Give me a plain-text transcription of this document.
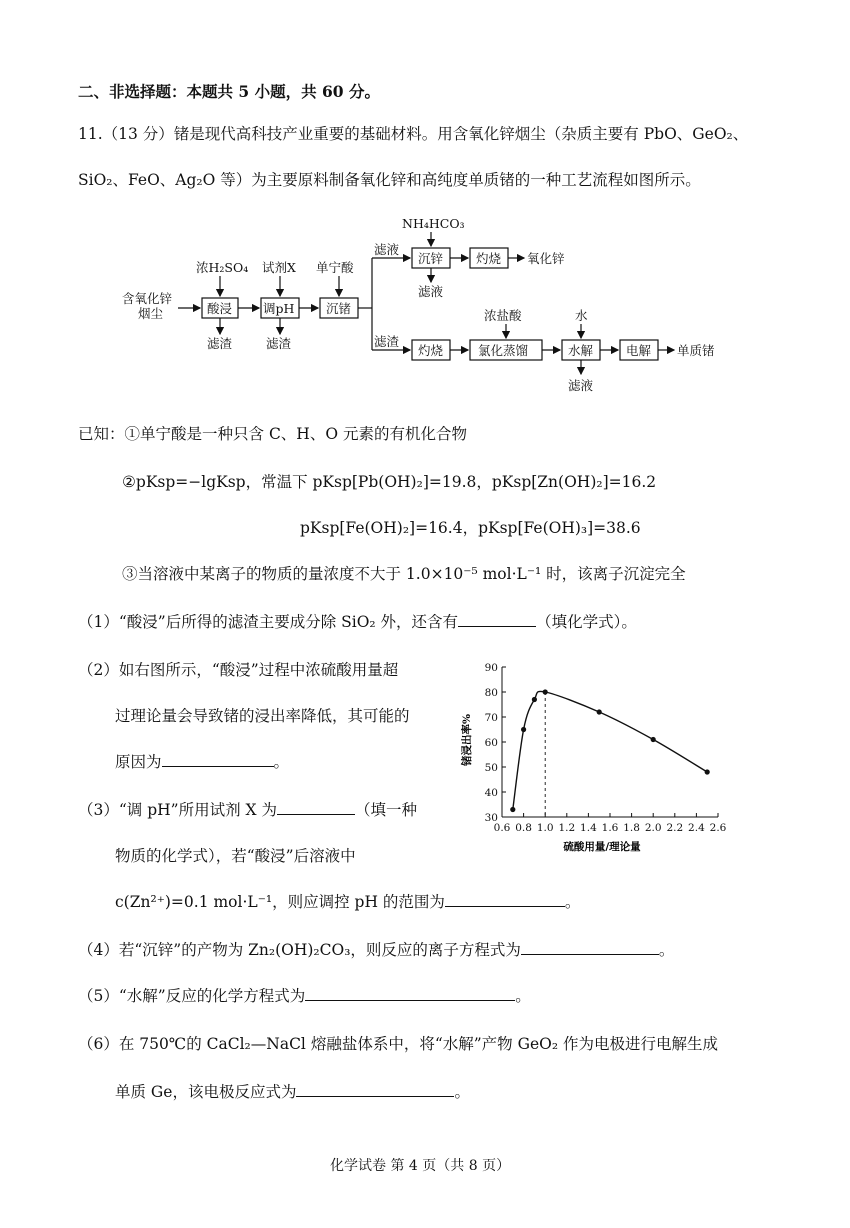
二、非选择题：本题共 5 小题，共 60 分。
11.（13 分）锗是现代高科技产业重要的基础材料。用含氧化锌烟尘（杂质主要有 PbO、GeO₂、
SiO₂、FeO、Ag₂O 等）为主要原料制备氧化锌和高纯度单质锗的一种工艺流程如图所示。
含氧化锌
烟尘	酸浸 调pH	沉锗
浓H₂SO₄ 试剂X 单宁酸
滤渣	滤渣
滤液
滤渣
NH₄HCO₃
沉锌
滤液
灼烧 氧化锌
灼烧	氯化蒸馏
浓盐酸
水解
水
滤液
电解 单质锗
已知：①单宁酸是一种只含 C、H、O 元素的有机化合物
②pKsp=−lgKsp，常温下 pKsp[Pb(OH)₂]=19.8，pKsp[Zn(OH)₂]=16.2
pKsp[Fe(OH)₂]=16.4，pKsp[Fe(OH)₃]=38.6
③当溶液中某离子的物质的量浓度不大于 1.0×10⁻⁵ mol·L⁻¹ 时，该离子沉淀完全
（1）“酸浸”后所得的滤渣主要成分除 SiO₂ 外，还含有	（填化学式）。
（2）如右图所示，“酸浸”过程中浓硫酸用量超
过理论量会导致锗的浸出率降低，其可能的
原因为	。
（3）“调 pH”所用试剂 X 为	（填一种
物质的化学式），若“酸浸”后溶液中
c(Zn²⁺)=0.1 mol·L⁻¹，则应调控 pH 的范围为	。
（4）若“沉锌”的产物为 Zn₂(OH)₂CO₃，则反应的离子方程式为	。
（5）“水解”反应的化学方程式为	。
（6）在 750℃的 CaCl₂—NaCl 熔融盐体系中，将“水解”产物 GeO₂ 作为电极进行电解生成
单质 Ge，该电极反应式为	。
化学试卷 第 4 页（共 8 页）
30
40
50
60
70
80
90
0.6 0.8 1.0 1.2 1.4 1.6 1.8 2.0 2.2 2.4 2.6
锗浸出率%
硫酸用量/理论量
